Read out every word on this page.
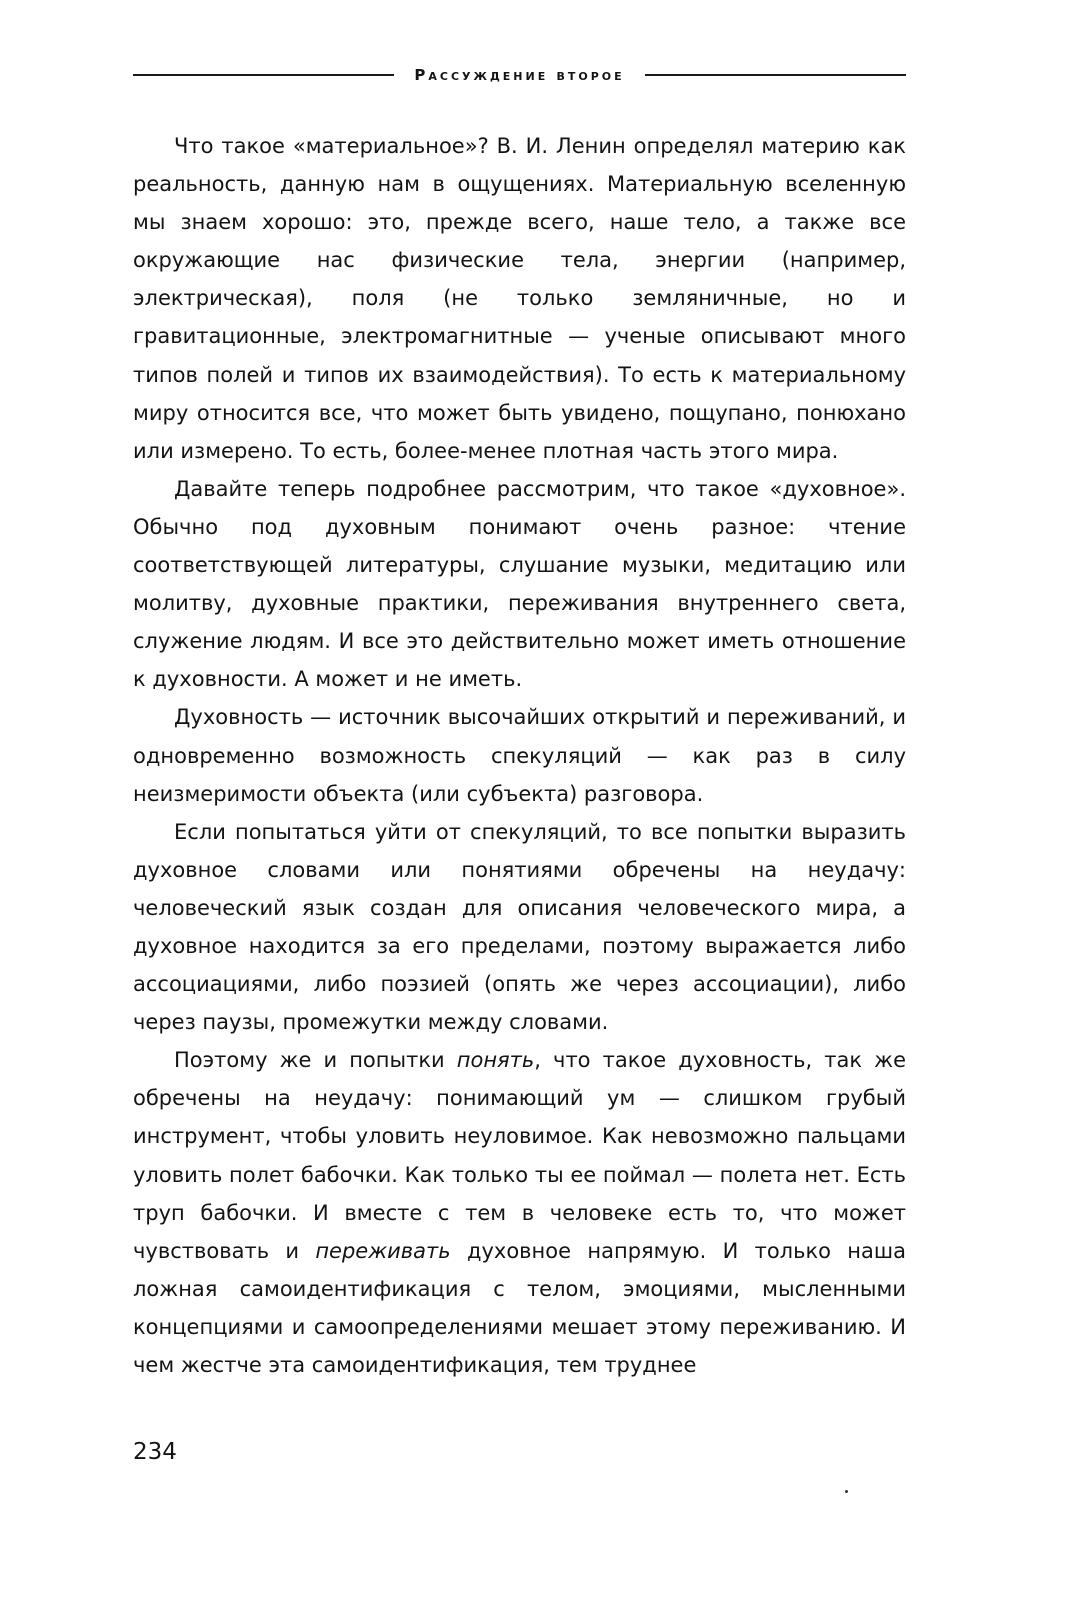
Рассуждение второе

Что такое «материальное»? В. И. Ленин определял материю как реальность, данную нам в ощущениях. Материальную вселенную мы знаем хорошо: это, прежде всего, наше тело, а также все окружающие нас физические тела, энергии (например, электрическая), поля (не только земляничные, но и гравитационные, электромагнитные — ученые описывают много типов полей и типов их взаимодействия). То есть к материальному миру относится все, что может быть увидено, пощупано, понюхано или измерено. То есть, более-менее плотная часть этого мира.

Давайте теперь подробнее рассмотрим, что такое «духовное». Обычно под духовным понимают очень разное: чтение соответствующей литературы, слушание музыки, медитацию или молитву, духовные практики, переживания внутреннего света, служение людям. И все это действительно может иметь отношение к духовности. А может и не иметь.

Духовность — источник высочайших открытий и переживаний, и одновременно возможность спекуляций — как раз в силу неизмеримости объекта (или субъекта) разговора.

Если попытаться уйти от спекуляций, то все попытки выразить духовное словами или понятиями обречены на неудачу: человеческий язык создан для описания человеческого мира, а духовное находится за его пределами, поэтому выражается либо ассоциациями, либо поэзией (опять же через ассоциации), либо через паузы, промежутки между словами.

Поэтому же и попытки понять, что такое духовность, так же обречены на неудачу: понимающий ум — слишком грубый инструмент, чтобы уловить неуловимое. Как невозможно пальцами уловить полет бабочки. Как только ты ее поймал — полета нет. Есть труп бабочки. И вместе с тем в человеке есть то, что может чувствовать и переживать духовное напрямую. И только наша ложная самоидентификация с телом, эмоциями, мысленными концепциями и самоопределениями мешает этому переживанию. И чем жестче эта самоидентификация, тем труднее

234
